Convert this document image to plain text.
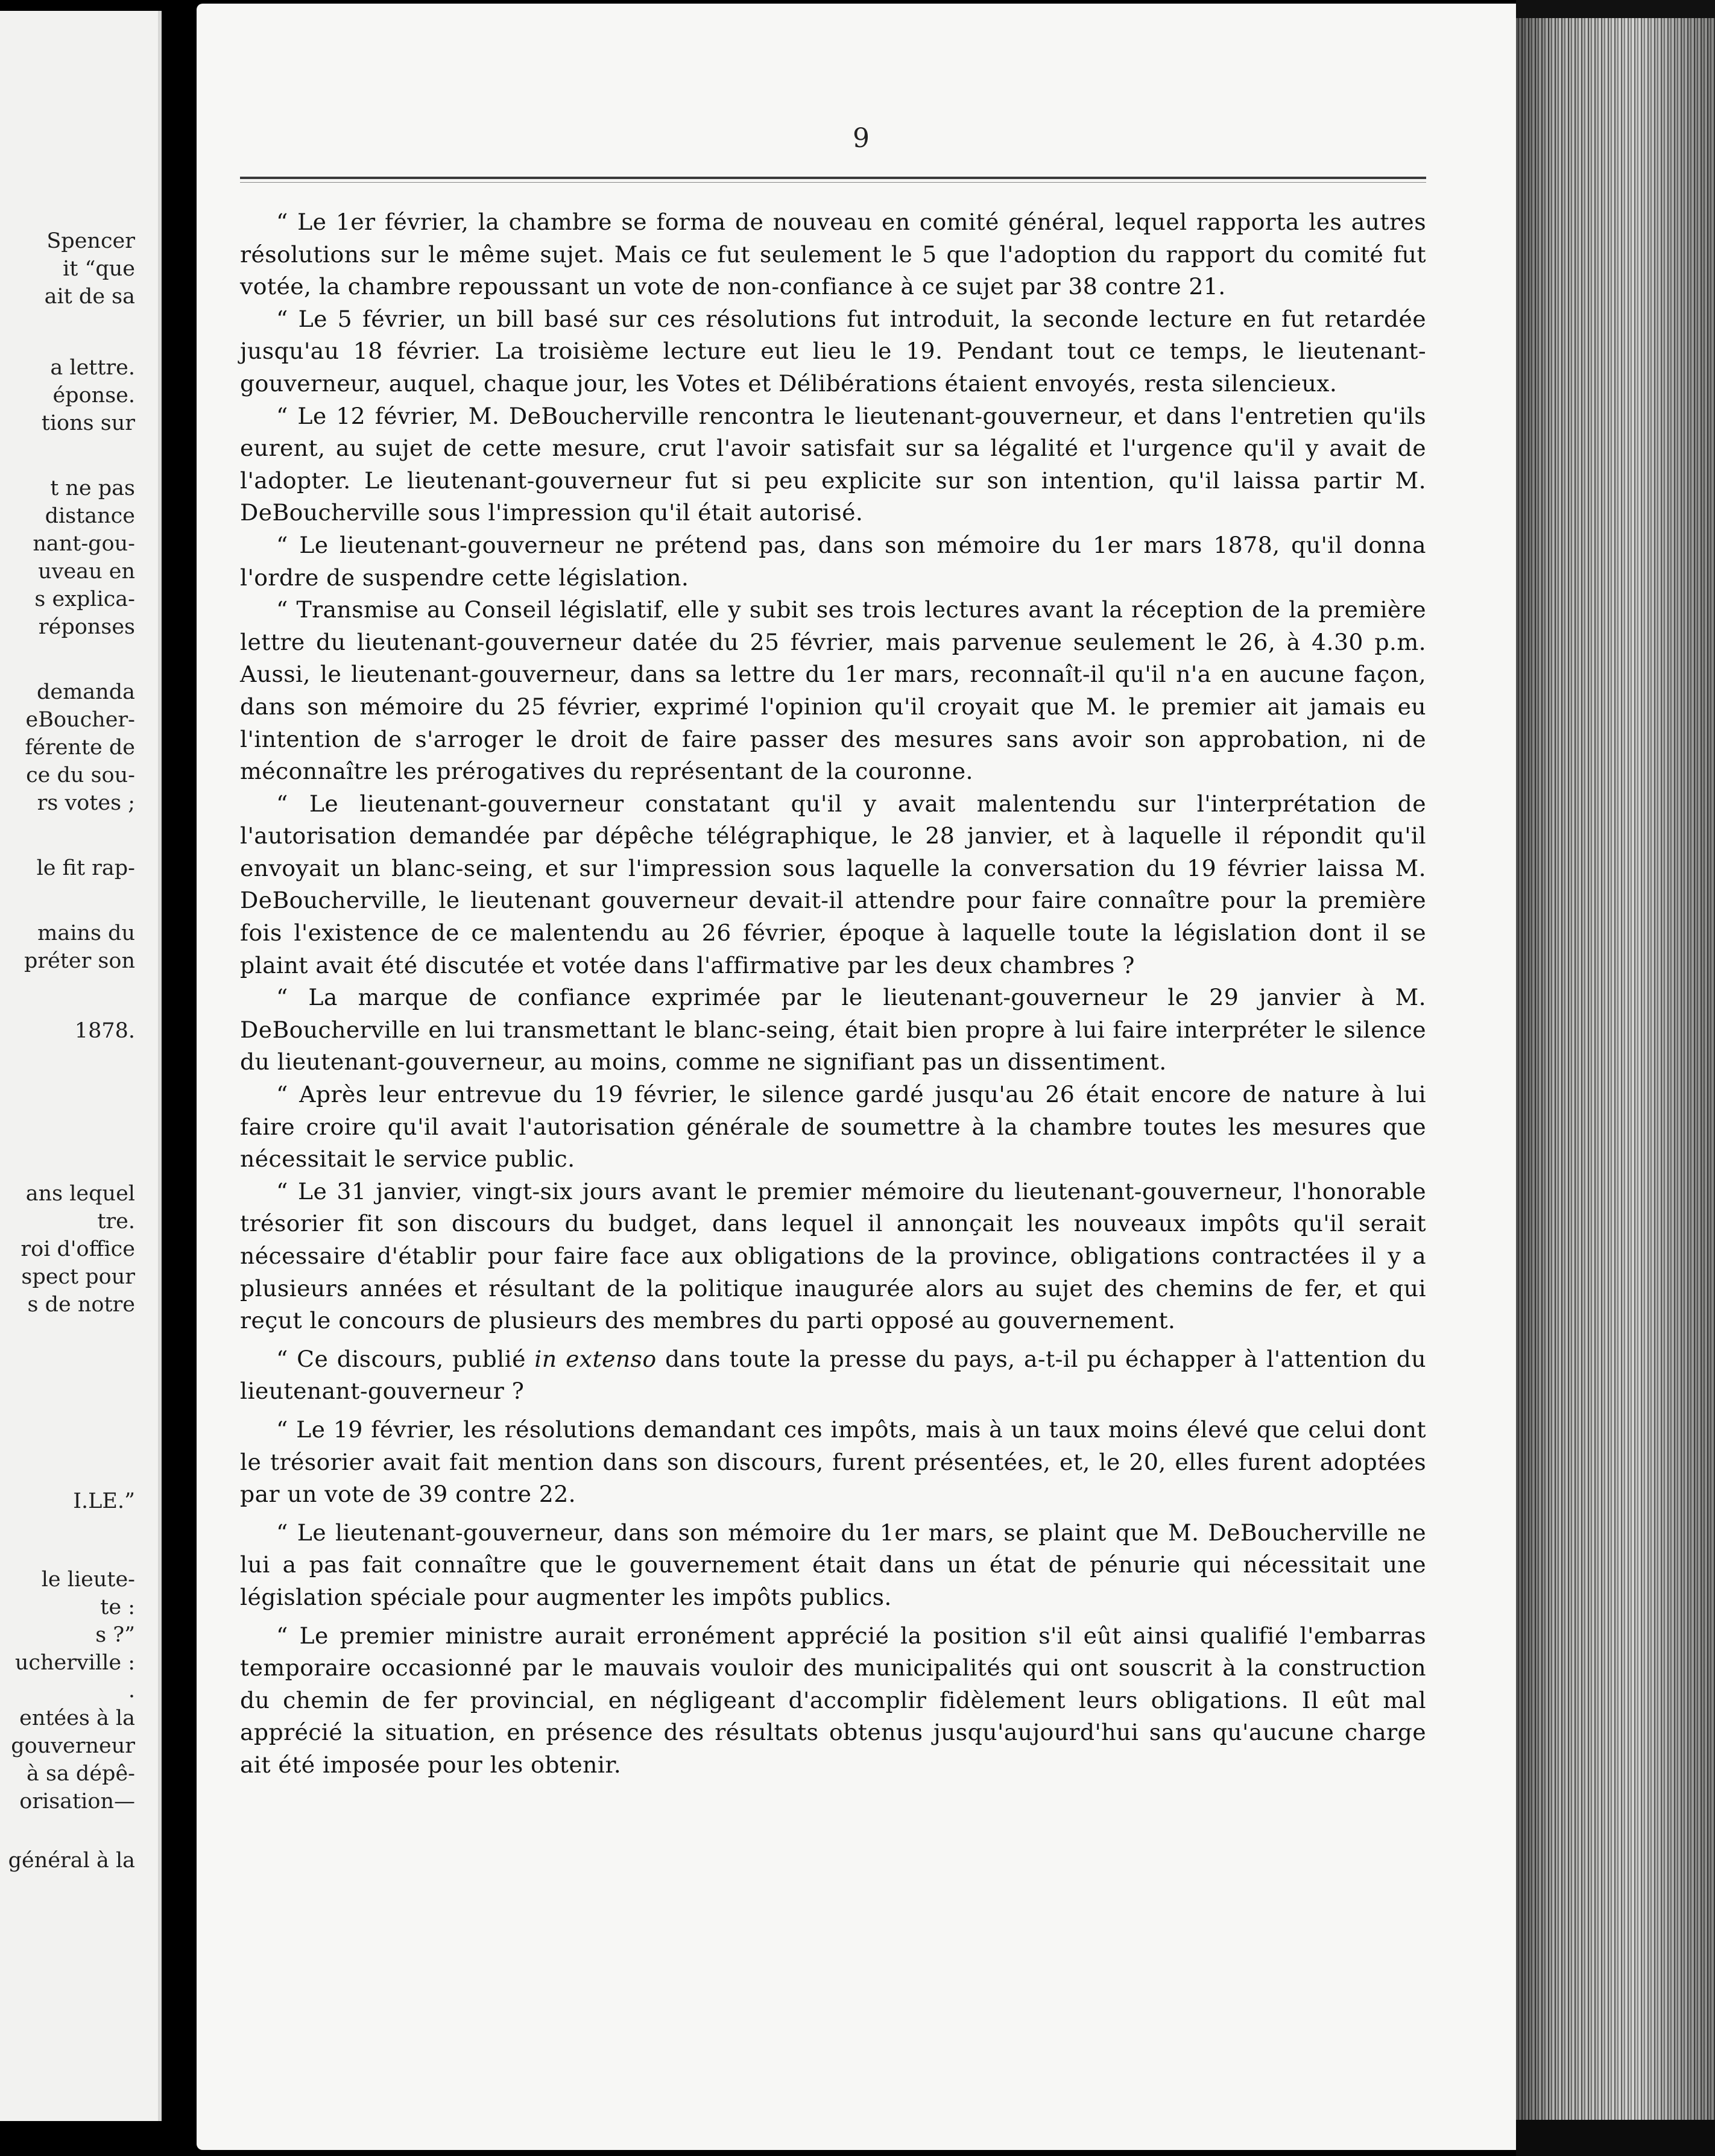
Spencer
it “que
ait de sa
a lettre.
éponse.
tions sur
t ne pas
distance
nant-gou-
uveau en
s explica-
réponses
demanda
eBoucher-
férente de
ce du sou-
rs votes ;
le fit rap-
mains du
préter son
1878.
ans lequel
tre.
roi d'office
spect pour
s de notre
I.LE.”
le lieute-
te :
s ?”
ucherville :
.
entées à la
gouverneur
à sa dépê-
orisation—
général à la
9

“ Le 1er février, la chambre se forma de nouveau en comité général, lequel rapporta les autres résolutions sur le même sujet. Mais ce fut seulement le 5 que l'adoption du rapport du comité fut votée, la chambre repoussant un vote de non-confiance à ce sujet par 38 contre 21.

“ Le 5 février, un bill basé sur ces résolutions fut introduit, la seconde lecture en fut retardée jusqu'au 18 février. La troisième lecture eut lieu le 19. Pendant tout ce temps, le lieutenant-gouverneur, auquel, chaque jour, les Votes et Délibérations étaient envoyés, resta silencieux.

“ Le 12 février, M. DeBoucherville rencontra le lieutenant-gouverneur, et dans l'entretien qu'ils eurent, au sujet de cette mesure, crut l'avoir satisfait sur sa légalité et l'urgence qu'il y avait de l'adopter. Le lieutenant-gouverneur fut si peu explicite sur son intention, qu'il laissa partir M. DeBoucherville sous l'impression qu'il était autorisé.

“ Le lieutenant-gouverneur ne prétend pas, dans son mémoire du 1er mars 1878, qu'il donna l'ordre de suspendre cette législation.

“ Transmise au Conseil législatif, elle y subit ses trois lectures avant la réception de la première lettre du lieutenant-gouverneur datée du 25 février, mais parvenue seulement le 26, à 4.30 p.m. Aussi, le lieutenant-gouverneur, dans sa lettre du 1er mars, reconnaît-il qu'il n'a en aucune façon, dans son mémoire du 25 février, exprimé l'opinion qu'il croyait que M. le premier ait jamais eu l'intention de s'arroger le droit de faire passer des mesures sans avoir son approbation, ni de méconnaître les prérogatives du représentant de la couronne.

“ Le lieutenant-gouverneur constatant qu'il y avait malentendu sur l'interprétation de l'autorisation demandée par dépêche télégraphique, le 28 janvier, et à laquelle il répondit qu'il envoyait un blanc-seing, et sur l'impression sous laquelle la conversation du 19 février laissa M. DeBoucherville, le lieutenant gouverneur devait-il attendre pour faire connaître pour la première fois l'existence de ce malentendu au 26 février, époque à laquelle toute la législation dont il se plaint avait été discutée et votée dans l'affirmative par les deux chambres ?

“ La marque de confiance exprimée par le lieutenant-gouverneur le 29 janvier à M. DeBoucherville en lui transmettant le blanc-seing, était bien propre à lui faire interpréter le silence du lieutenant-gouverneur, au moins, comme ne signifiant pas un dissentiment.

“ Après leur entrevue du 19 février, le silence gardé jusqu'au 26 était encore de nature à lui faire croire qu'il avait l'autorisation générale de soumettre à la chambre toutes les mesures que nécessitait le service public.

“ Le 31 janvier, vingt-six jours avant le premier mémoire du lieutenant-gouverneur, l'honorable trésorier fit son discours du budget, dans lequel il annonçait les nouveaux impôts qu'il serait nécessaire d'établir pour faire face aux obligations de la province, obligations contractées il y a plusieurs années et résultant de la politique inaugurée alors au sujet des chemins de fer, et qui reçut le concours de plusieurs des membres du parti opposé au gouvernement.

“ Ce discours, publié in extenso dans toute la presse du pays, a-t-il pu échapper à l'attention du lieutenant-gouverneur ?

“ Le 19 février, les résolutions demandant ces impôts, mais à un taux moins élevé que celui dont le trésorier avait fait mention dans son discours, furent présentées, et, le 20, elles furent adoptées par un vote de 39 contre 22.

“ Le lieutenant-gouverneur, dans son mémoire du 1er mars, se plaint que M. DeBoucherville ne lui a pas fait connaître que le gouvernement était dans un état de pénurie qui nécessitait une législation spéciale pour augmenter les impôts publics.

“ Le premier ministre aurait erronément apprécié la position s'il eût ainsi qualifié l'embarras temporaire occasionné par le mauvais vouloir des municipalités qui ont souscrit à la construction du chemin de fer provincial, en négligeant d'accomplir fidèlement leurs obligations. Il eût mal apprécié la situation, en présence des résultats obtenus jusqu'aujourd'hui sans qu'aucune charge ait été imposée pour les obtenir.
